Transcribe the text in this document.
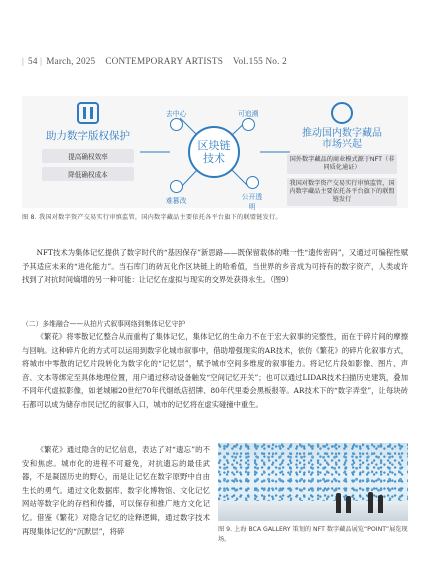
| 54 | March, 2025 CONTEMPORARY ARTISTS Vol.155 No. 2
助力数字版权保护
提高确权效率
降低确权成本
去中心	可追溯
区块链
技术
难篡改
公开透明
推动国内数字藏品
市场兴起
国外数字藏品的商业模式源于NFT（非同质化通证）
我国对数字资产交易实行审慎监管，国内数字藏品主要依托各平台旗下的联盟链发行
图 8. 我国对数字资产交易实行审慎监管，国内数字藏品主要依托各平台旗下的联盟链发行。
NFT技术为集体记忆提供了数字时代的“基因保存”新思路——既保留载体的唯一性“遗传密码”，又通过可编程性赋予其适应未来的“进化能力”。当石库门的砖瓦化作区块链上的哈希值，当世界的乡音成为可持有的数字资产，人类或许找到了对抗时间熵增的另一种可能：让记忆在虚拟与现实的交界处获得永生。（图9）
（二）多维融合——从拍片式叙事网络到集体记忆守护
《繁花》将零散记忆整合从而重构了集体记忆，集体记忆的生命力不在于宏大叙事的完整性，而在于碎片间的摩擦与回响。这种碎片化的方式可以运用到数字化城市叙事中，借助增强现实的AR技术，依仿《繁花》的碎片化叙事方式，将城市中零散的记忆片段转化为数字化的“记忆层”，赋予城市空间多维度的叙事能力。将记忆片段如影像、图片、声音、文本等绑定至具体地理位置，用户通过移动设备触发“空间记忆开关”；也可以通过LIDAR技术扫描历史建筑，叠加不同年代虚拟影像，如老城厢20世纪70年代烟纸店招牌、80年代里委会黑板报等。AR技术下的“数字弄堂”，让每块砖石都可以成为储存市民记忆的叙事入口，城市的记忆将在虚实碰撞中重生。
《繁花》通过隐含的记忆信息，表达了对“遗忘”的不安和焦虑。城市化的进程不可避免，对抗遗忘的最佳武器，不是凝固历史的野心，而是让记忆在数字原野中自由生长的勇气。通过文化数据库、数字化博物馆、文化记忆网站等数字化的存档和传播，可以保存和推广地方文化记忆。借鉴《繁花》对隐含记忆的诠释逻辑，通过数字技术再现集体记忆的“沉默层”，将碎	图 9. 上海 BCA GALLERY 策划的 NFT 数字藏品展览“POINT”展览现场。
